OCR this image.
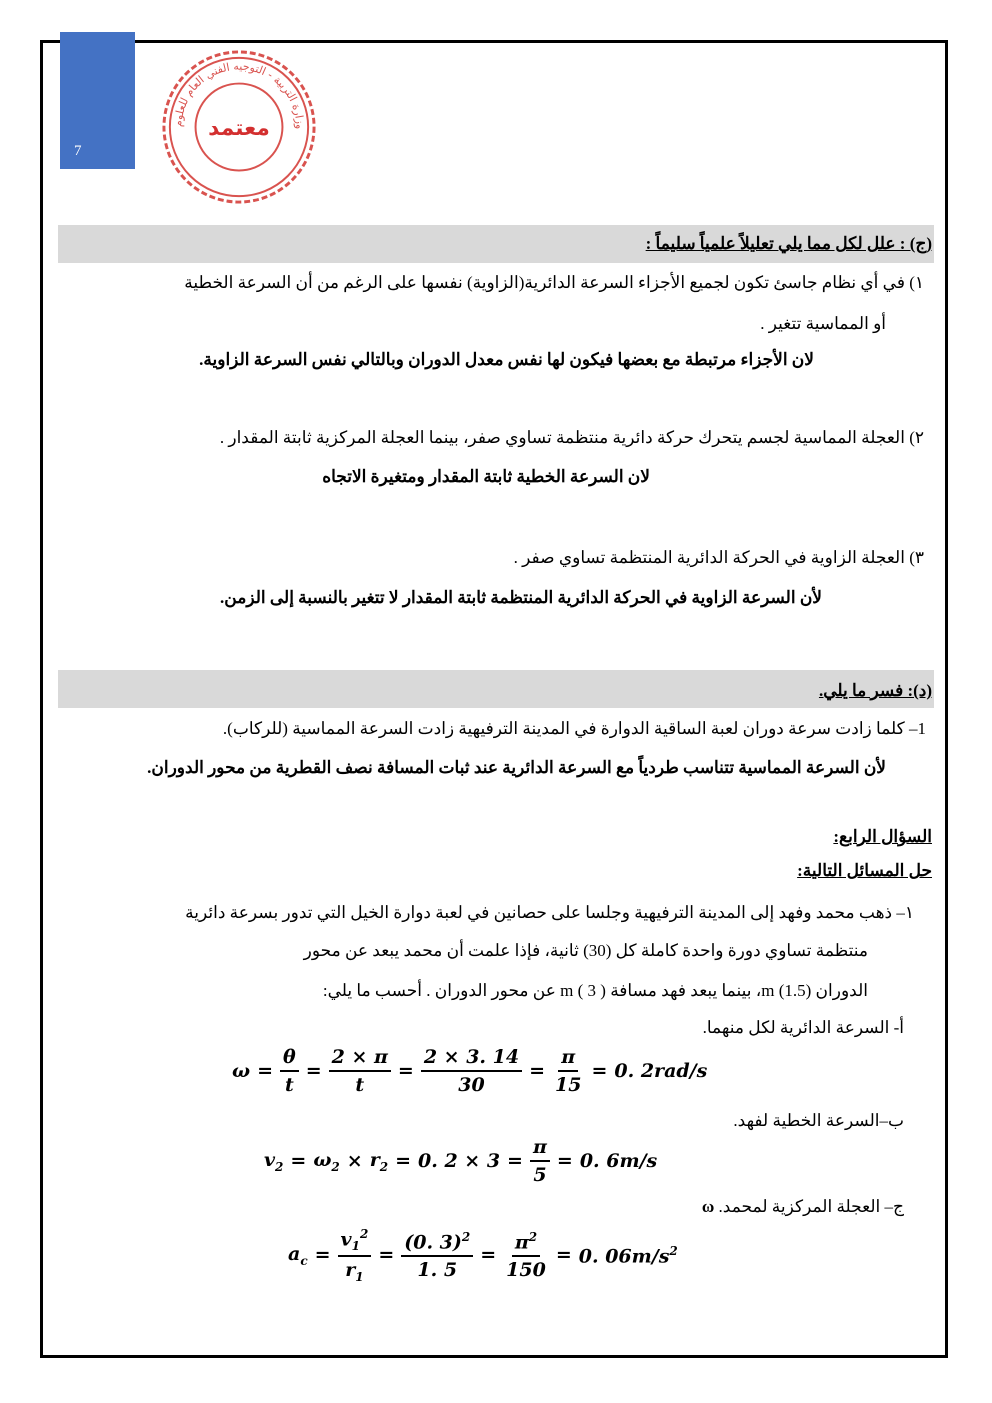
7
وزارة التربية - التوجيه الفني العام للعلوم
معتمد
(ج) : علل لكل مما يلي تعليلاً علمياً سليماً :
١) في أي نظام جاسئ تكون لجميع الأجزاء السرعة الدائرية(الزاوية) نفسها على الرغم من أن السرعة الخطية
أو المماسية تتغير .
لان الأجزاء مرتبطة مع بعضها فيكون لها نفس معدل الدوران وبالتالي نفس السرعة الزاوية.
٢) العجلة المماسية لجسم يتحرك حركة دائرية منتظمة تساوي صفر، بينما العجلة المركزية ثابتة المقدار .
لان السرعة الخطية ثابتة المقدار ومتغيرة الاتجاه
٣) العجلة الزاوية في الحركة الدائرية المنتظمة تساوي صفر .
لأن السرعة الزاوية في الحركة الدائرية المنتظمة ثابتة المقدار لا تتغير بالنسبة إلى الزمن.
(د): فسر ما يلي.
1– كلما زادت سرعة دوران لعبة الساقية الدوارة في المدينة الترفيهية زادت السرعة المماسية (للركاب).
لأن السرعة المماسية تتناسب طردياً مع السرعة الدائرية عند ثبات المسافة نصف القطرية من محور الدوران.
السؤال الرابع:
حل المسائل التالية:
١– ذهب محمد وفهد إلى المدينة الترفيهية وجلسا على حصانين في لعبة دوارة الخيل التي تدور بسرعة دائرية
منتظمة تساوي دورة واحدة كاملة كل (30) ثانية، فإذا علمت أن محمد يبعد عن محور
الدوران m (1.5)، بينما يبعد فهد مسافة m ( 3 ) عن محور الدوران . أحسب ما يلي:
أ- السرعة الدائرية لكل منهما.
$\omega = \frac{\theta}{t} = \frac{2 \times \pi}{t} = \frac{2 \times 3. 14}{30} = \frac{\pi}{15} = 0$. 2rad/s
ب–السرعة الخطية لفهد.
$v_2 = \omega_2 \times r_2 = 0$. $2 \times 3 = \frac{\pi}{5} = 0$. 6m/s
ج– العجلة المركزية لمحمد. ω
$a_c = \frac{v_1^2}{r_1} = \frac{(0. 3)^2}{1. 5} = \frac{\pi^2}{150} = 0$. $06m/s^2$
